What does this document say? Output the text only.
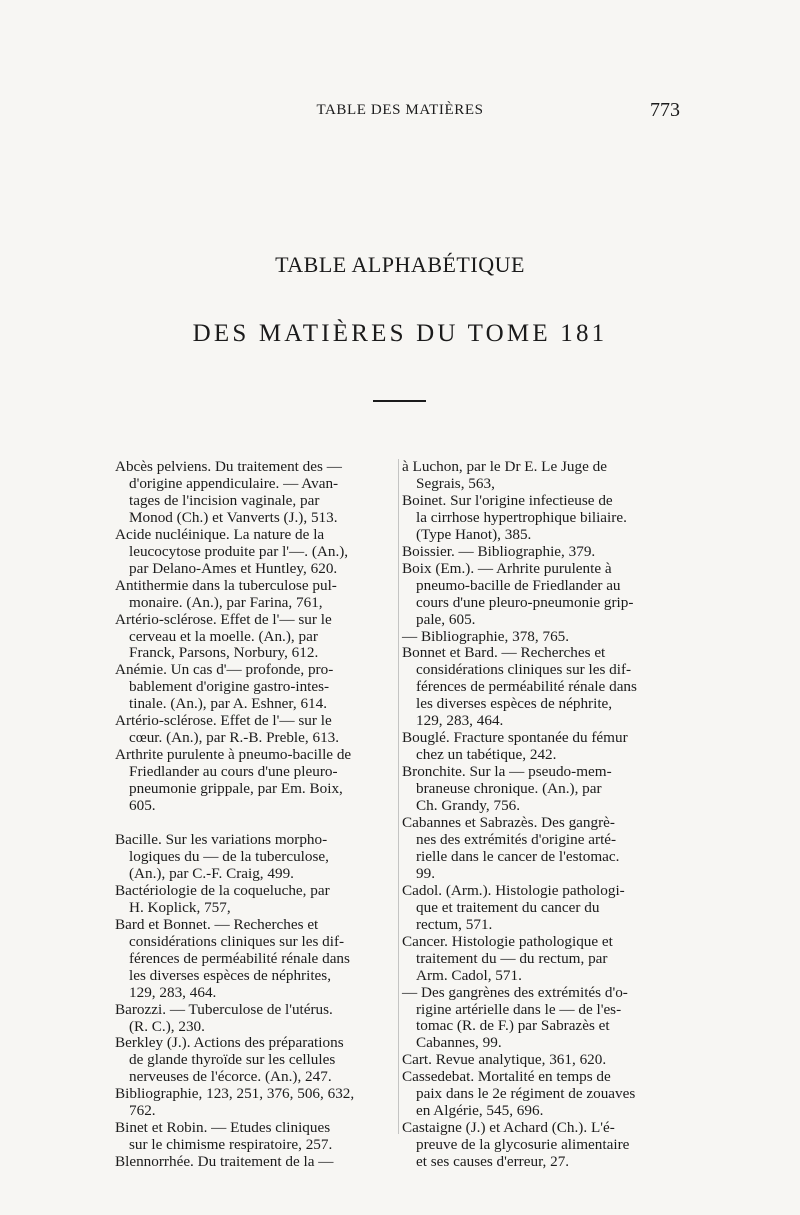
TABLE DES MATIÈRES	773
TABLE ALPHABÉTIQUE
DES MATIÈRES DU TOME 181
Abcès pelviens. Du traitement des —
d'origine appendiculaire. — Avan-
tages de l'incision vaginale, par
Monod (Ch.) et Vanverts (J.), 513.
Acide nucléinique. La nature de la
leucocytose produite par l'—. (An.),
par Delano-Ames et Huntley, 620.
Antithermie dans la tuberculose pul-
monaire. (An.), par Farina, 761,
Artério-sclérose. Effet de l'— sur le
cerveau et la moelle. (An.), par
Franck, Parsons, Norbury, 612.
Anémie. Un cas d'— profonde, pro-
bablement d'origine gastro-intes-
tinale. (An.), par A. Eshner, 614.
Artério-sclérose. Effet de l'— sur le
cœur. (An.), par R.-B. Preble, 613.
Arthrite purulente à pneumo-bacille de
Friedlander au cours d'une pleuro-
pneumonie grippale, par Em. Boix,
605.
Bacille. Sur les variations morpho-
logiques du — de la tuberculose,
(An.), par C.-F. Craig, 499.
Bactériologie de la coqueluche, par
H. Koplick, 757,
Bard et Bonnet. — Recherches et
considérations cliniques sur les dif-
férences de perméabilité rénale dans
les diverses espèces de néphrites,
129, 283, 464.
Barozzi. — Tuberculose de l'utérus.
(R. C.), 230.
Berkley (J.). Actions des préparations
de glande thyroïde sur les cellules
nerveuses de l'écorce. (An.), 247.
Bibliographie, 123, 251, 376, 506, 632,
762.
Binet et Robin. — Etudes cliniques
sur le chimisme respiratoire, 257.
Blennorrhée. Du traitement de la —
à Luchon, par le Dr E. Le Juge de
Segrais, 563,
Boinet. Sur l'origine infectieuse de
la cirrhose hypertrophique biliaire.
(Type Hanot), 385.
Boissier. — Bibliographie, 379.
Boix (Em.). — Arhrite purulente à
pneumo-bacille de Friedlander au
cours d'une pleuro-pneumonie grip-
pale, 605.
— Bibliographie, 378, 765.
Bonnet et Bard. — Recherches et
considérations cliniques sur les dif-
férences de perméabilité rénale dans
les diverses espèces de néphrite,
129, 283, 464.
Bouglé. Fracture spontanée du fémur
chez un tabétique, 242.
Bronchite. Sur la — pseudo-mem-
braneuse chronique. (An.), par
Ch. Grandy, 756.
Cabannes et Sabrazès. Des gangrè-
nes des extrémités d'origine arté-
rielle dans le cancer de l'estomac.
99.
Cadol. (Arm.). Histologie pathologi-
que et traitement du cancer du
rectum, 571.
Cancer. Histologie pathologique et
traitement du — du rectum, par
Arm. Cadol, 571.
— Des gangrènes des extrémités d'o-
rigine artérielle dans le — de l'es-
tomac (R. de F.) par Sabrazès et
Cabannes, 99.
Cart. Revue analytique, 361, 620.
Cassedebat. Mortalité en temps de
paix dans le 2e régiment de zouaves
en Algérie, 545, 696.
Castaigne (J.) et Achard (Ch.). L'é-
preuve de la glycosurie alimentaire
et ses causes d'erreur, 27.
